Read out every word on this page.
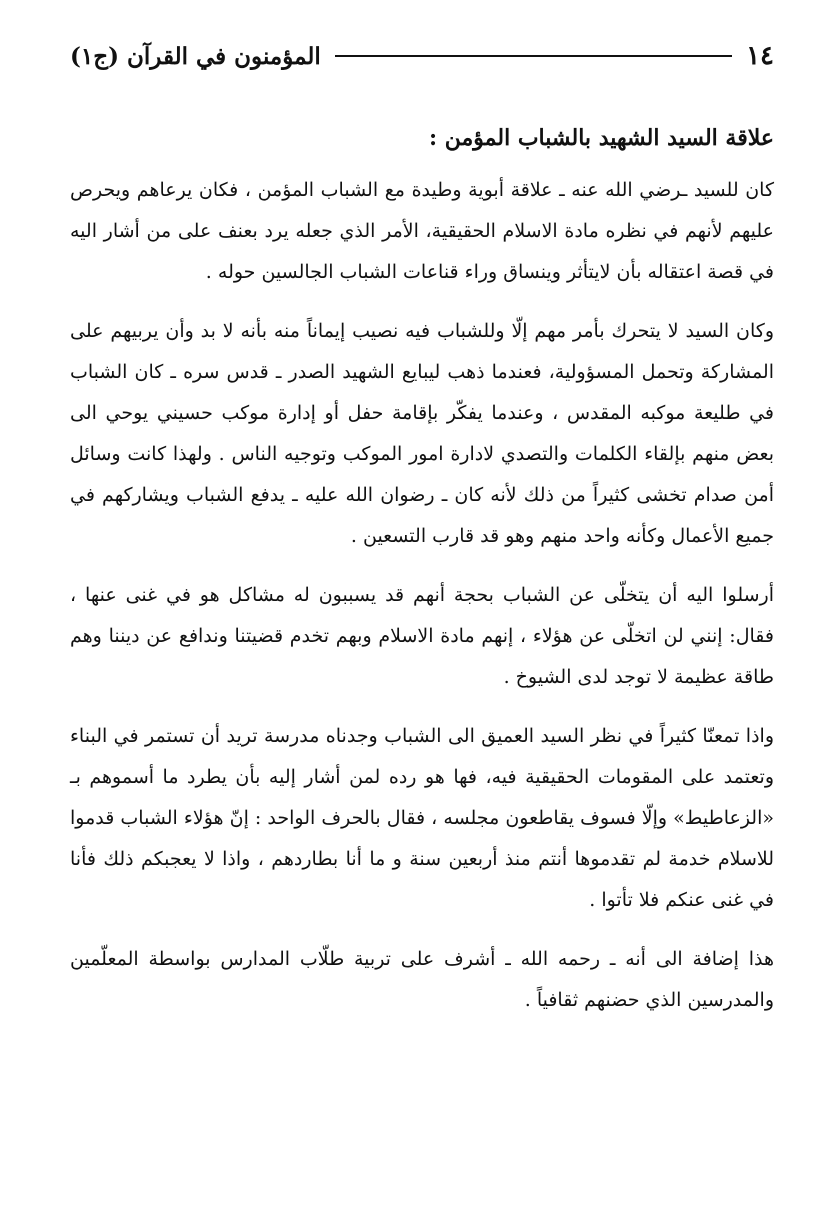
١٤
المؤمنون في القرآن (ج١)
علاقة السيد الشهيد بالشباب المؤمن :

كان للسيد ـرضي الله عنه ـ علاقة أبوية وطيدة مع الشباب المؤمن ، فكان يرعاهم ويحرص عليهم لأنهم في نظره مادة الاسلام الحقيقية، الأمر الذي جعله يرد بعنف على من أشار اليه في قصة اعتقاله بأن لايتأثر وينساق وراء قناعات الشباب الجالسين حوله .

وكان السيد لا يتحرك بأمر مهم إلّا وللشباب فيه نصيب إيماناً منه بأنه لا بد وأن يربيهم على المشاركة وتحمل المسؤولية، فعندما ذهب ليبايع الشهيد الصدر ـ قدس سره ـ كان الشباب في طليعة موكبه المقدس ، وعندما يفكّر بإقامة حفل أو إدارة موكب حسيني يوحي الى بعض منهم بإلقاء الكلمات والتصدي لادارة امور الموكب وتوجيه الناس . ولهذا كانت وسائل أمن صدام تخشى كثيراً من ذلك لأنه كان ـ رضوان الله عليه ـ يدفع الشباب ويشاركهم في جميع الأعمال وكأنه واحد منهم وهو قد قارب التسعين .

أرسلوا اليه أن يتخلّى عن الشباب بحجة أنهم قد يسببون له مشاكل هو في غنى عنها ، فقال: إنني لن اتخلّى عن هؤلاء ، إنهم مادة الاسلام وبهم تخدم قضيتنا وندافع عن ديننا وهم طاقة عظيمة لا توجد لدى الشيوخ .

واذا تمعنّا كثيراً في نظر السيد العميق الى الشباب وجدناه مدرسة تريد أن تستمر في البناء وتعتمد على المقومات الحقيقية فيه، فها هو رده لمن أشار إليه بأن يطرد ما أسموهم بـ «الزعاطيط» وإلّا فسوف يقاطعون مجلسه ، فقال بالحرف الواحد : إنّ هؤلاء الشباب قدموا للاسلام خدمة لم تقدموها أنتم منذ أربعين سنة و ما أنا بطاردهم ، واذا لا يعجبكم ذلك فأنا في غنى عنكم فلا تأتوا .

هذا إضافة الى أنه ـ رحمه الله ـ أشرف على تربية طلّاب المدارس بواسطة المعلّمين والمدرسين الذي حضنهم ثقافياً .
